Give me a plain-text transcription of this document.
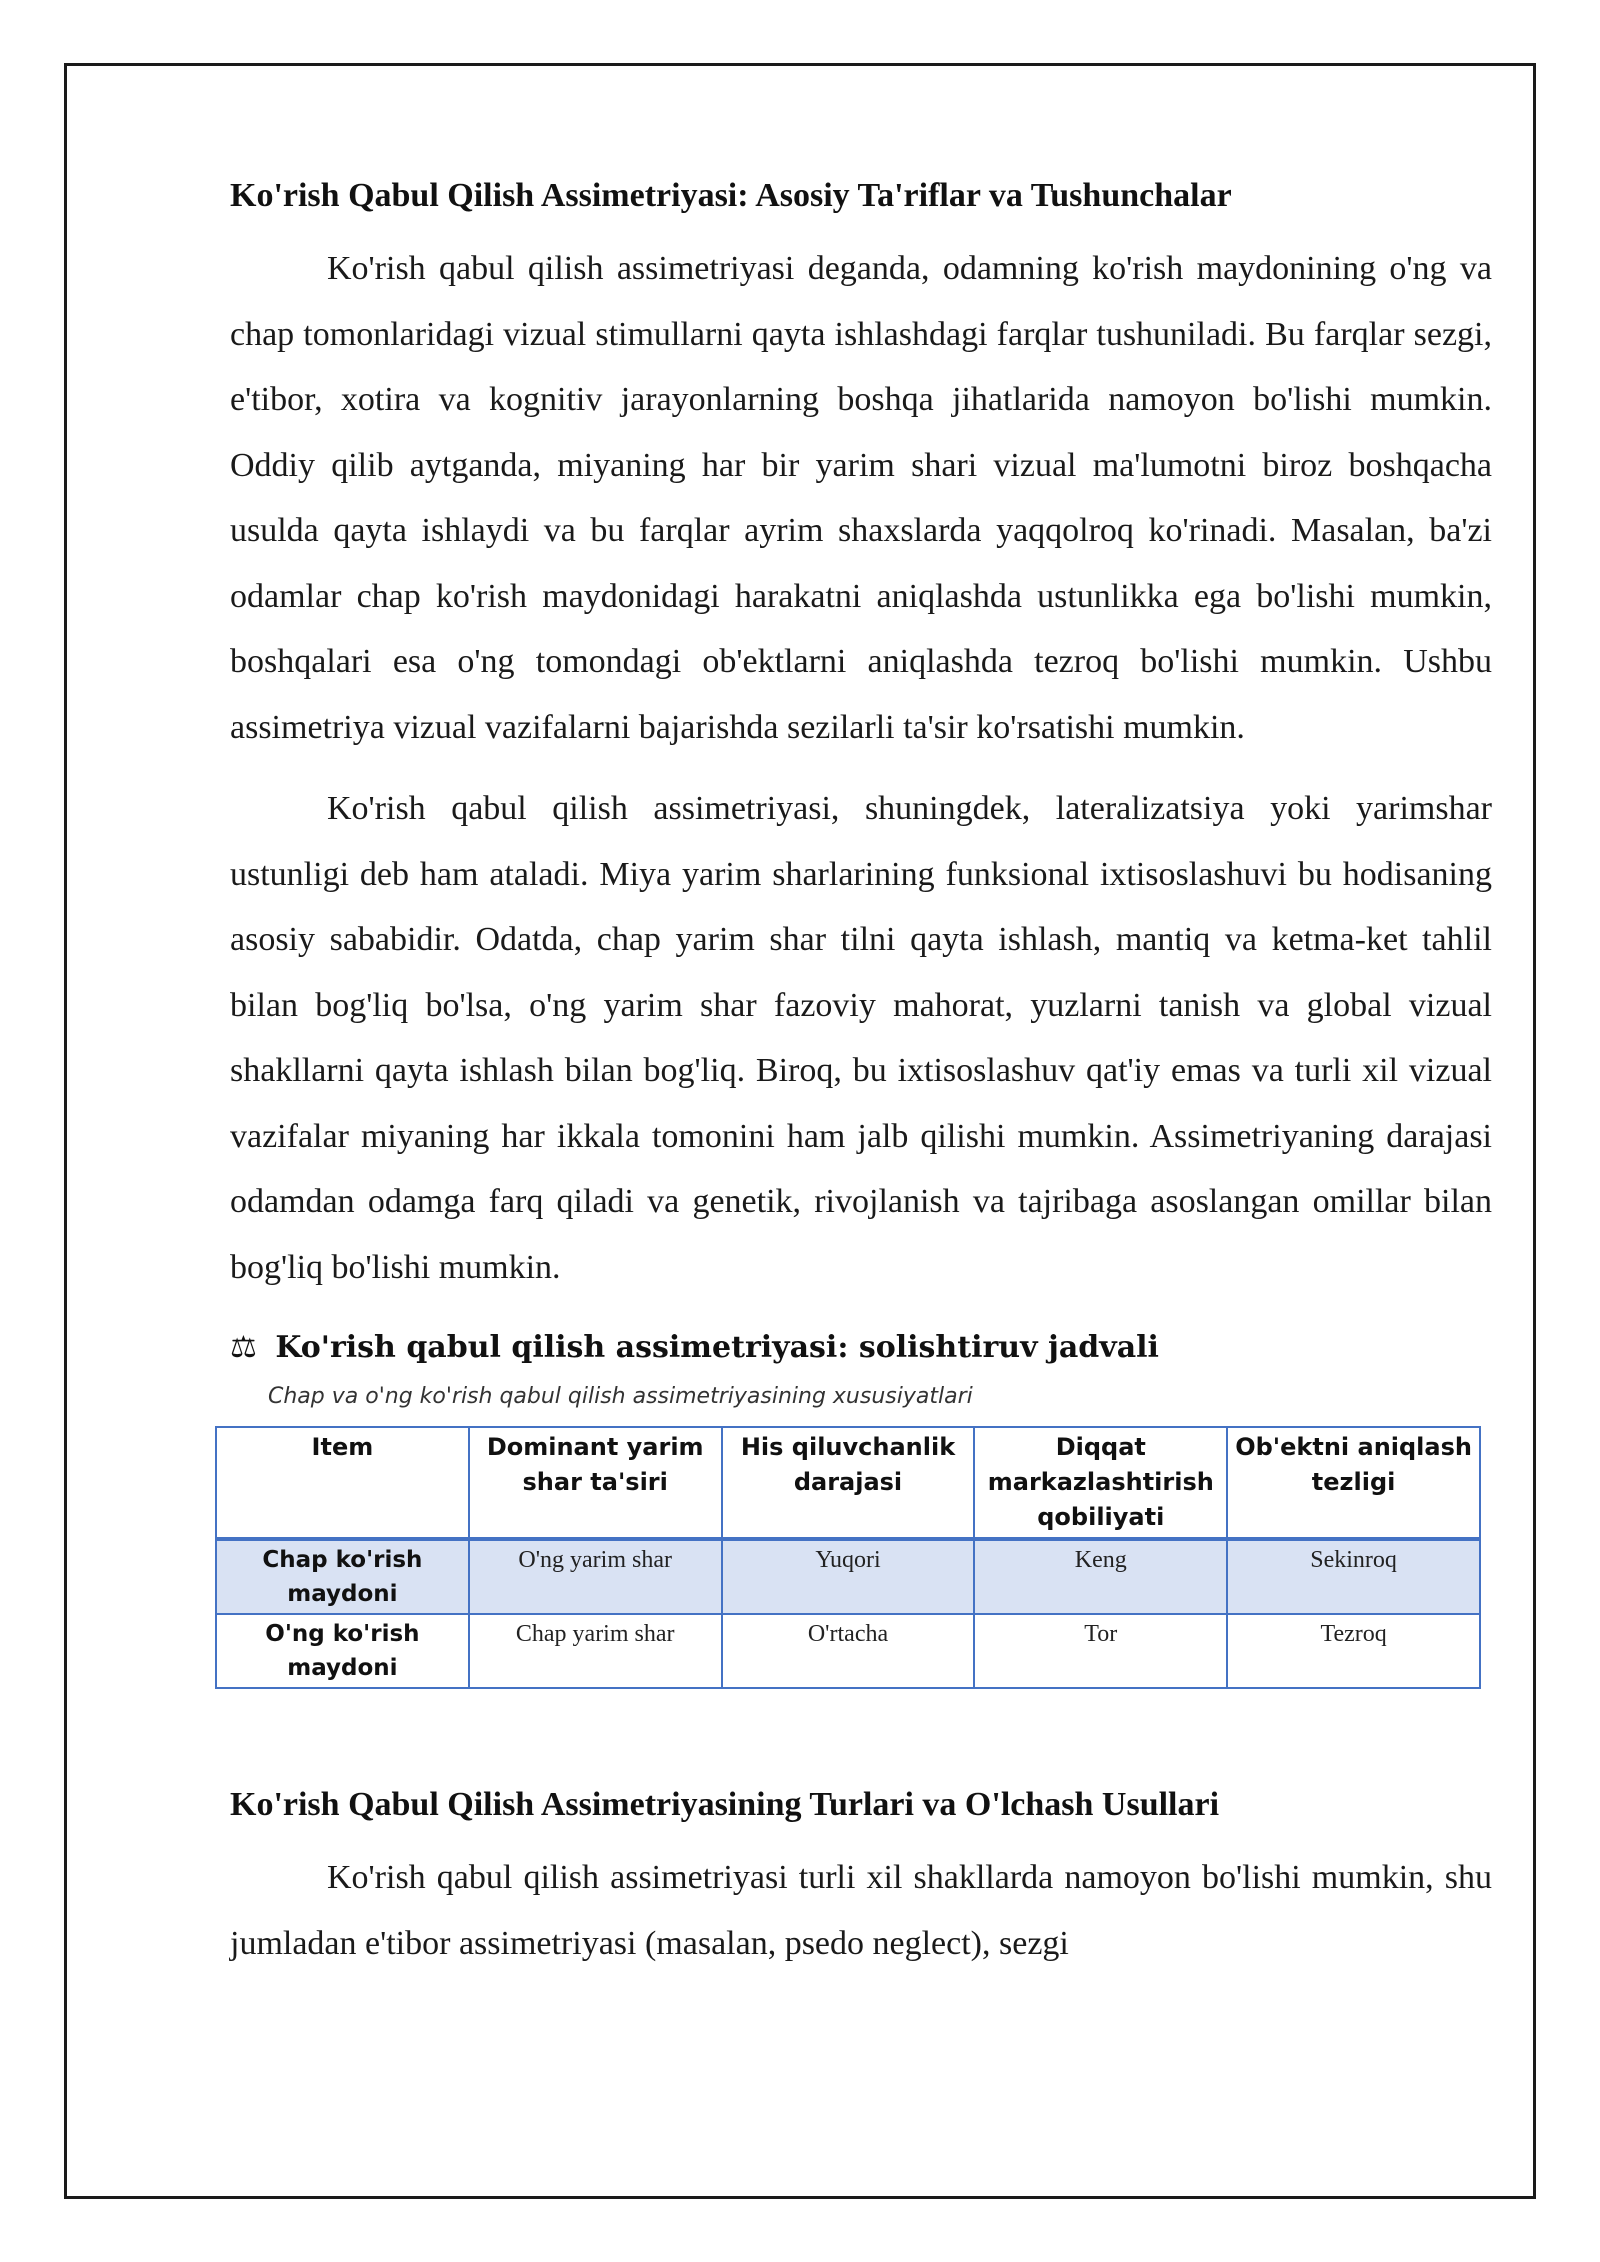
Ko'rish Qabul Qilish Assimetriyasi: Asosiy Ta'riflar va Tushunchalar

Ko'rish qabul qilish assimetriyasi deganda, odamning ko'rish maydonining o'ng va chap tomonlaridagi vizual stimullarni qayta ishlashdagi farqlar tushuniladi. Bu farqlar sezgi, e'tibor, xotira va kognitiv jarayonlarning boshqa jihatlarida namoyon bo'lishi mumkin. Oddiy qilib aytganda, miyaning har bir yarim shari vizual ma'lumotni biroz boshqacha usulda qayta ishlaydi va bu farqlar ayrim shaxslarda yaqqolroq ko'rinadi. Masalan, ba'zi odamlar chap ko'rish maydonidagi harakatni aniqlashda ustunlikka ega bo'lishi mumkin, boshqalari esa o'ng tomondagi ob'ektlarni aniqlashda tezroq bo'lishi mumkin. Ushbu assimetriya vizual vazifalarni bajarishda sezilarli ta'sir ko'rsatishi mumkin.

Ko'rish qabul qilish assimetriyasi, shuningdek, lateralizatsiya yoki yarimshar ustunligi deb ham ataladi. Miya yarim sharlarining funksional ixtisoslashuvi bu hodisaning asosiy sababidir. Odatda, chap yarim shar tilni qayta ishlash, mantiq va ketma-ket tahlil bilan bog'liq bo'lsa, o'ng yarim shar fazoviy mahorat, yuzlarni tanish va global vizual shakllarni qayta ishlash bilan bog'liq. Biroq, bu ixtisoslashuv qat'iy emas va turli xil vizual vazifalar miyaning har ikkala tomonini ham jalb qilishi mumkin. Assimetriyaning darajasi odamdan odamga farq qiladi va genetik, rivojlanish va tajribaga asoslangan omillar bilan bog'liq bo'lishi mumkin.

⚖ Ko'rish qabul qilish assimetriyasi: solishtiruv jadvali
Chap va o'ng ko'rish qabul qilish assimetriyasining xususiyatlari
Item	Dominant yarim shar ta'siri	His qiluvchanlik darajasi	Diqqat markazlashtirish qobiliyati	Ob'ektni aniqlash tezligi
Chap ko'rish maydoni	O'ng yarim shar	Yuqori	Keng	Sekinroq
O'ng ko'rish maydoni	Chap yarim shar	O'rtacha	Tor	Tezroq
Ko'rish Qabul Qilish Assimetriyasining Turlari va O'lchash Usullari

Ko'rish qabul qilish assimetriyasi turli xil shakllarda namoyon bo'lishi mumkin, shu jumladan e'tibor assimetriyasi (masalan, psedo neglect), sezgi
